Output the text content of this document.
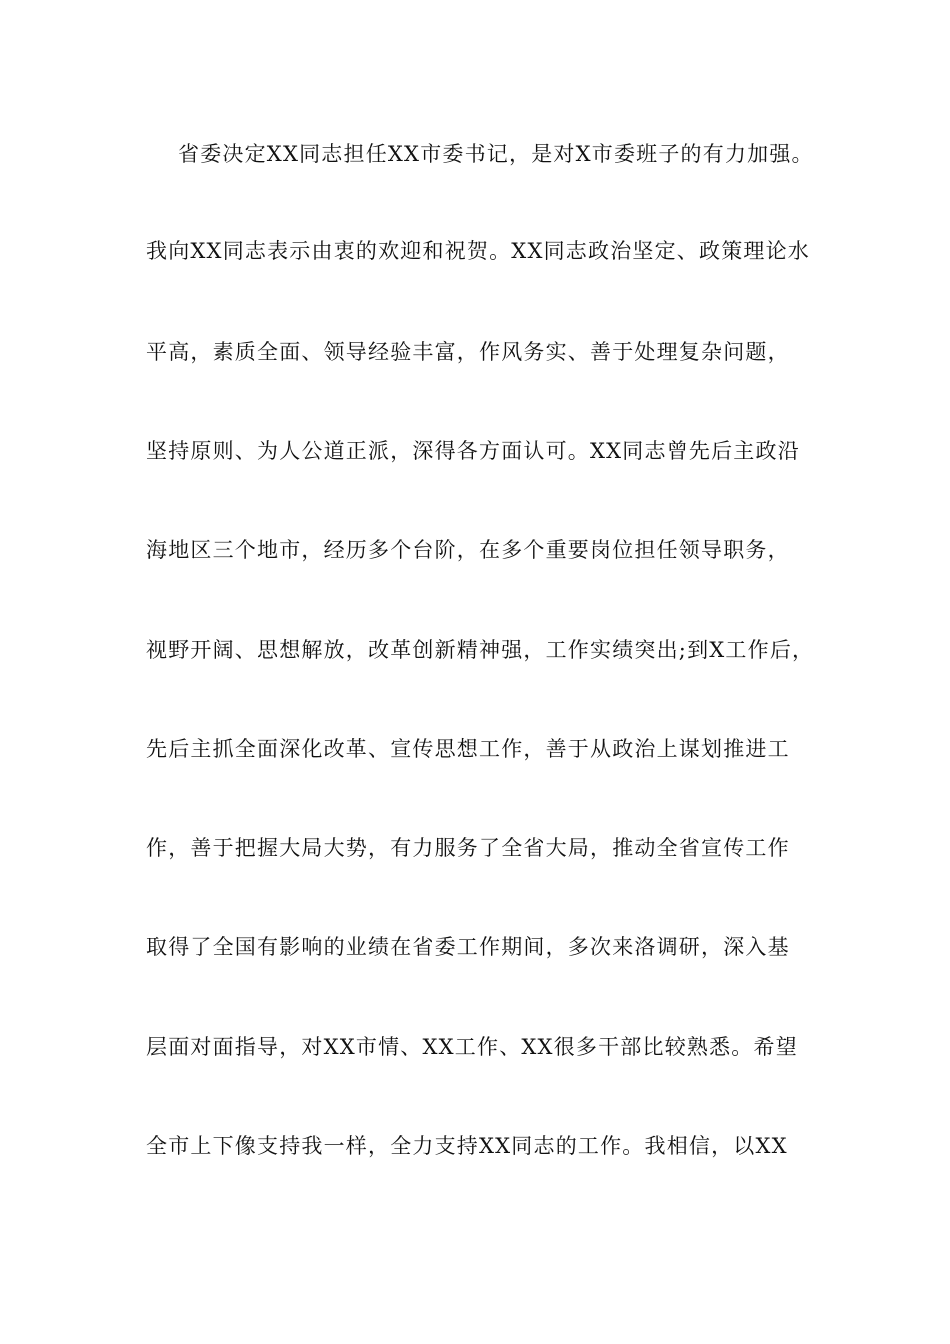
省委决定XX同志担任XX市委书记，是对X市委班子的有力加强。
我向XX同志表示由衷的欢迎和祝贺。XX同志政治坚定、政策理论水
平高，素质全面、领导经验丰富，作风务实、善于处理复杂问题，
坚持原则、为人公道正派，深得各方面认可。XX同志曾先后主政沿
海地区三个地市，经历多个台阶，在多个重要岗位担任领导职务，
视野开阔、思想解放，改革创新精神强，工作实绩突出;到X工作后，
先后主抓全面深化改革、宣传思想工作，善于从政治上谋划推进工
作，善于把握大局大势，有力服务了全省大局，推动全省宣传工作
取得了全国有影响的业绩在省委工作期间，多次来洛调研，深入基
层面对面指导，对XX市情、XX工作、XX很多干部比较熟悉。希望
全市上下像支持我一样，全力支持XX同志的工作。我相信，以XX
